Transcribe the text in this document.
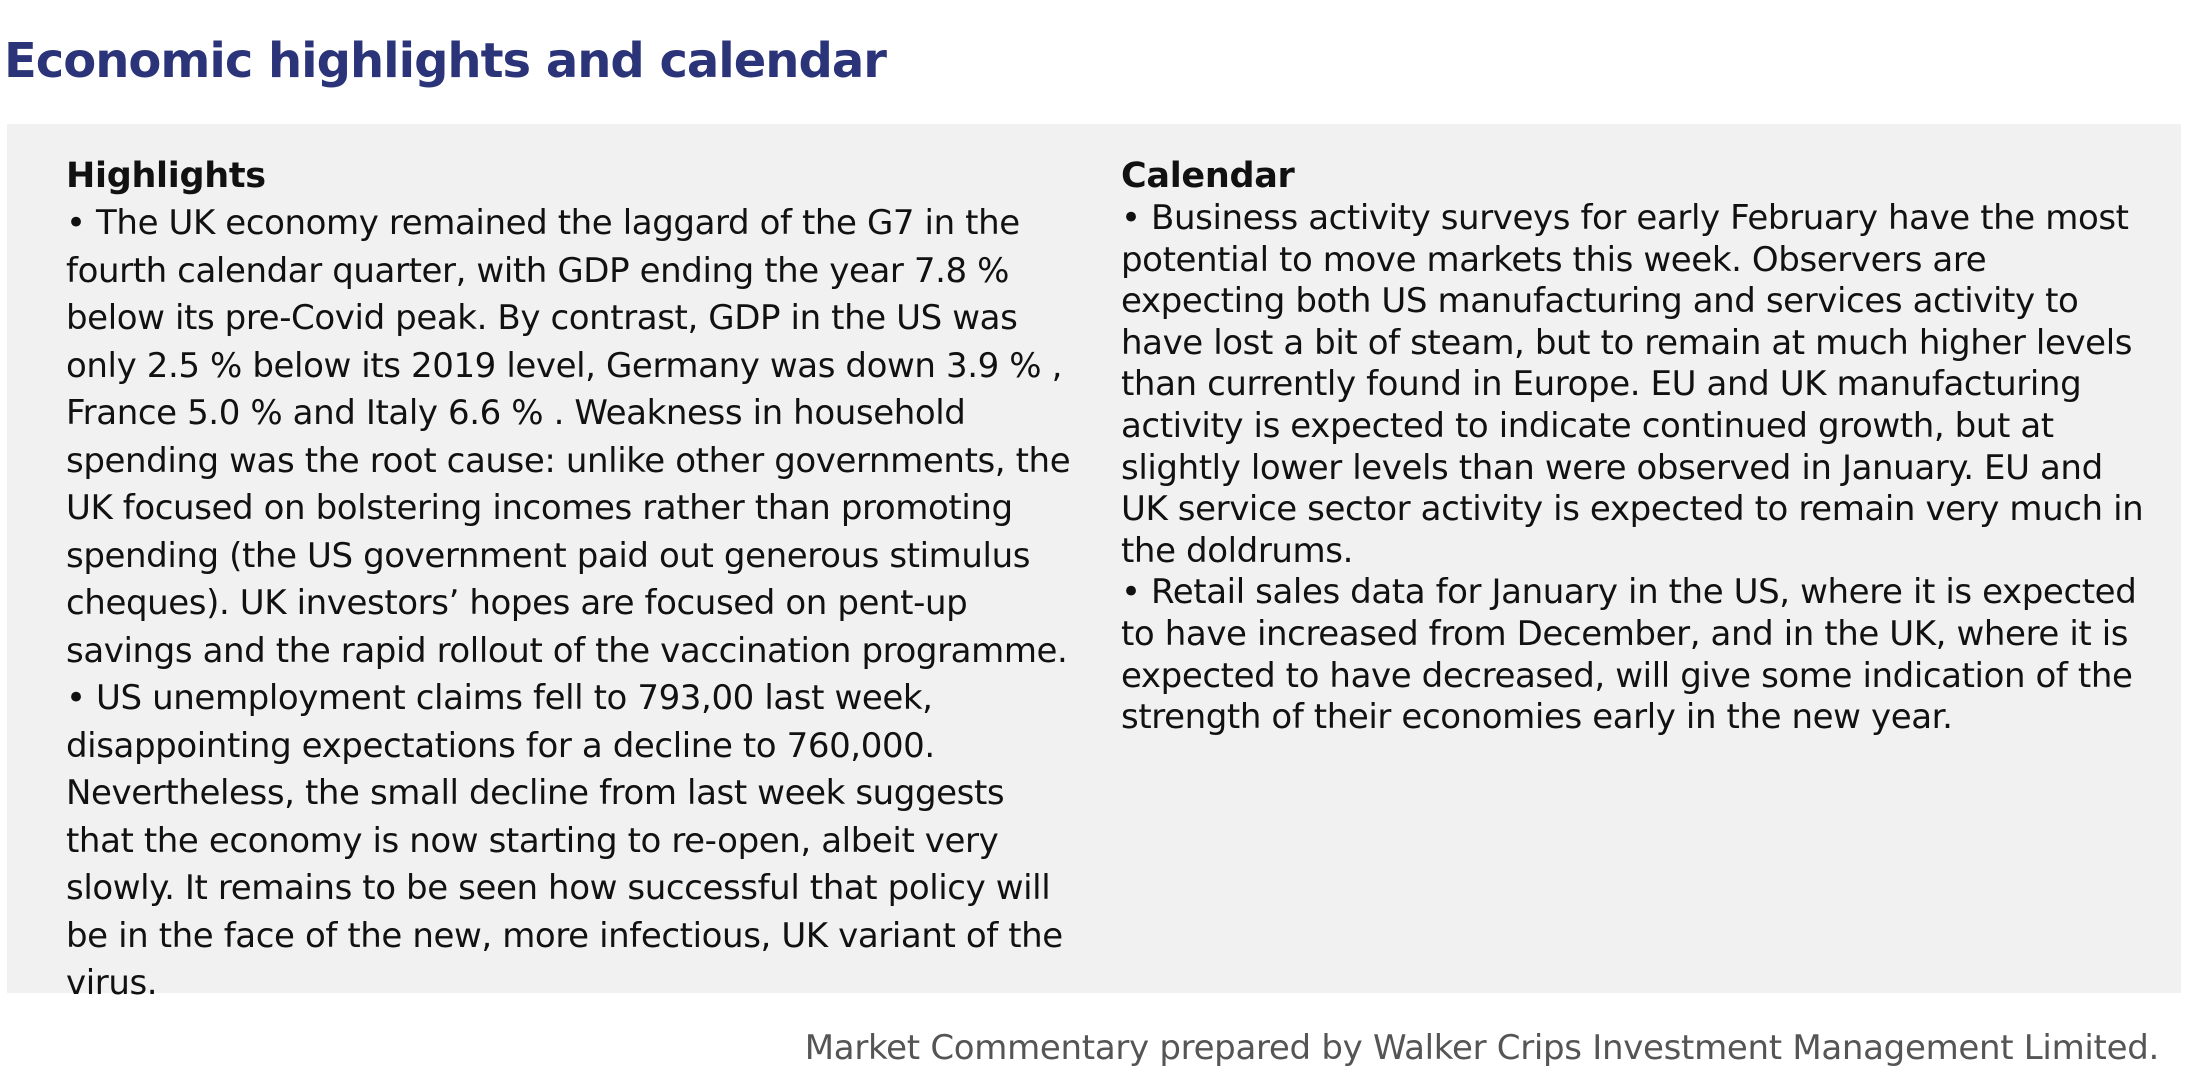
Economic highlights and calendar
Highlights

• The UK economy remained the laggard of the G7 in the fourth calendar quarter, with GDP ending the year 7.8 % below its pre-Covid peak. By contrast, GDP in the US was only 2.5 % below its 2019 level, Germany was down 3.9 % , France 5.0 % and Italy 6.6 % . Weakness in household spending was the root cause: unlike other governments, the UK focused on bolstering incomes rather than promoting spending (the US government paid out generous stimulus cheques). UK investors’ hopes are focused on pent-up savings and the rapid rollout of the vaccination programme.

• US unemployment claims fell to 793,00 last week, disappointing expectations for a decline to 760,000. Nevertheless, the small decline from last week suggests that the economy is now starting to re-open, albeit very slowly. It remains to be seen how successful that policy will be in the face of the new, more infectious, UK variant of the virus.

Calendar

• Business activity surveys for early February have the most potential to move markets this week. Observers are expecting both US manufacturing and services activity to have lost a bit of steam, but to remain at much higher levels than currently found in Europe. EU and UK manufacturing activity is expected to indicate continued growth, but at slightly lower levels than were observed in January. EU and UK service sector activity is expected to remain very much in the doldrums.

• Retail sales data for January in the US, where it is expected to have increased from December, and in the UK, where it is expected to have decreased, will give some indication of the strength of their economies early in the new year.

Market Commentary prepared by Walker Crips Investment Management Limited.
